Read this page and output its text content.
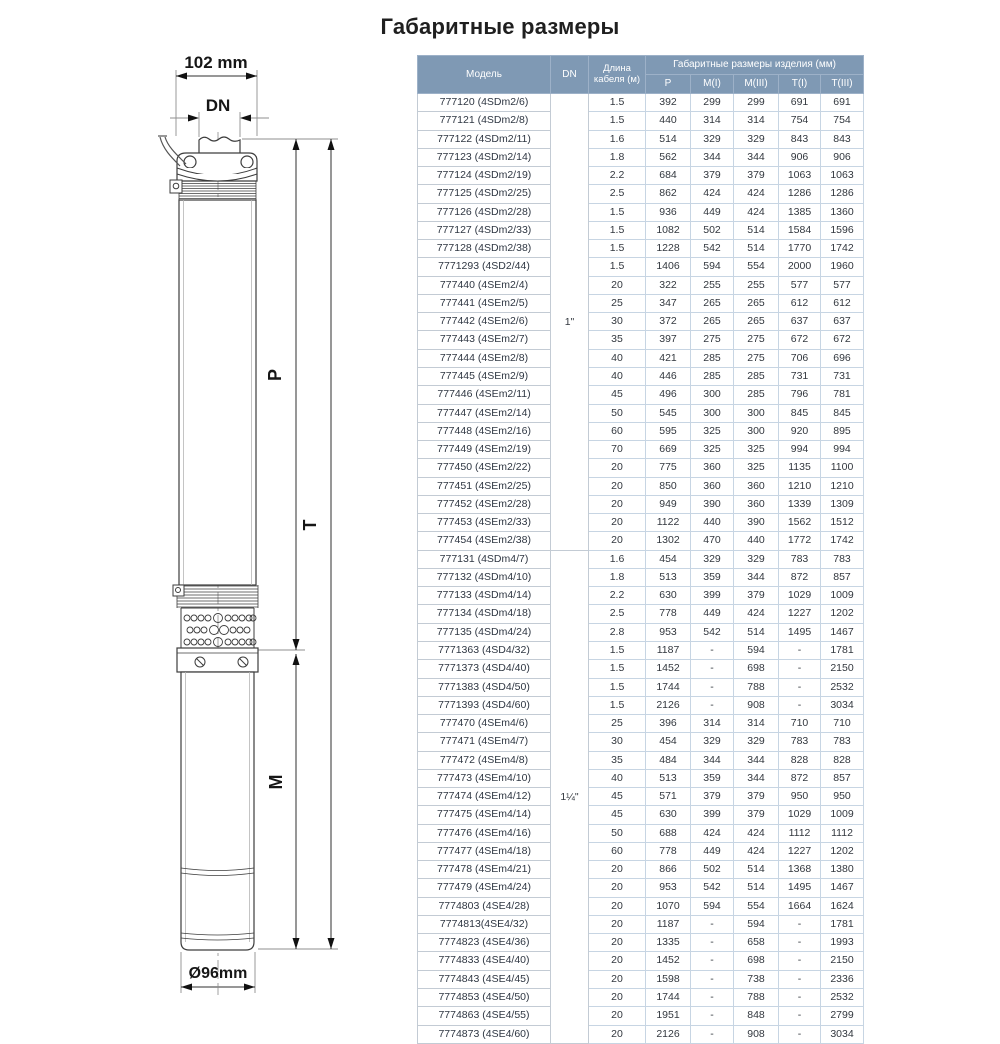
Габаритные размеры
102 mm
DN
P
T
M
Ø96mm
Модель	DN	Длина кабеля (м)	Габаритные размеры изделия (мм)				
			P	M(I)	M(III)	T(I)	T(III)
777120 (4SDm2/6)	1"	1.5	392	299	299	691	691
777121 (4SDm2/8)		1.5	440	314	314	754	754
777122 (4SDm2/11)		1.6	514	329	329	843	843
777123 (4SDm2/14)		1.8	562	344	344	906	906
777124 (4SDm2/19)		2.2	684	379	379	1063	1063
777125 (4SDm2/25)		2.5	862	424	424	1286	1286
777126 (4SDm2/28)		1.5	936	449	424	1385	1360
777127 (4SDm2/33)		1.5	1082	502	514	1584	1596
777128 (4SDm2/38)		1.5	1228	542	514	1770	1742
7771293 (4SD2/44)		1.5	1406	594	554	2000	1960
777440 (4SEm2/4)		20	322	255	255	577	577
777441 (4SEm2/5)		25	347	265	265	612	612
777442 (4SEm2/6)		30	372	265	265	637	637
777443 (4SEm2/7)		35	397	275	275	672	672
777444 (4SEm2/8)		40	421	285	275	706	696
777445 (4SEm2/9)		40	446	285	285	731	731
777446 (4SEm2/11)		45	496	300	285	796	781
777447 (4SEm2/14)		50	545	300	300	845	845
777448 (4SEm2/16)		60	595	325	300	920	895
777449 (4SEm2/19)		70	669	325	325	994	994
777450 (4SEm2/22)		20	775	360	325	1135	1100
777451 (4SEm2/25)		20	850	360	360	1210	1210
777452 (4SEm2/28)		20	949	390	360	1339	1309
777453 (4SEm2/33)		20	1122	440	390	1562	1512
777454 (4SEm2/38)		20	1302	470	440	1772	1742
777131 (4SDm4/7)	1¼"	1.6	454	329	329	783	783
777132 (4SDm4/10)		1.8	513	359	344	872	857
777133 (4SDm4/14)		2.2	630	399	379	1029	1009
777134 (4SDm4/18)		2.5	778	449	424	1227	1202
777135 (4SDm4/24)		2.8	953	542	514	1495	1467
7771363 (4SD4/32)		1.5	1187	-	594	-	1781
7771373 (4SD4/40)		1.5	1452	-	698	-	2150
7771383 (4SD4/50)		1.5	1744	-	788	-	2532
7771393 (4SD4/60)		1.5	2126	-	908	-	3034
777470 (4SEm4/6)		25	396	314	314	710	710
777471 (4SEm4/7)		30	454	329	329	783	783
777472 (4SEm4/8)		35	484	344	344	828	828
777473 (4SEm4/10)		40	513	359	344	872	857
777474 (4SEm4/12)		45	571	379	379	950	950
777475 (4SEm4/14)		45	630	399	379	1029	1009
777476 (4SEm4/16)		50	688	424	424	1112	1112
777477 (4SEm4/18)		60	778	449	424	1227	1202
777478 (4SEm4/21)		20	866	502	514	1368	1380
777479 (4SEm4/24)		20	953	542	514	1495	1467
7774803 (4SE4/28)		20	1070	594	554	1664	1624
7774813(4SE4/32)		20	1187	-	594	-	1781
7774823 (4SE4/36)		20	1335	-	658	-	1993
7774833 (4SE4/40)		20	1452	-	698	-	2150
7774843 (4SE4/45)		20	1598	-	738	-	2336
7774853 (4SE4/50)		20	1744	-	788	-	2532
7774863 (4SE4/55)		20	1951	-	848	-	2799
7774873 (4SE4/60)		20	2126	-	908	-	3034
